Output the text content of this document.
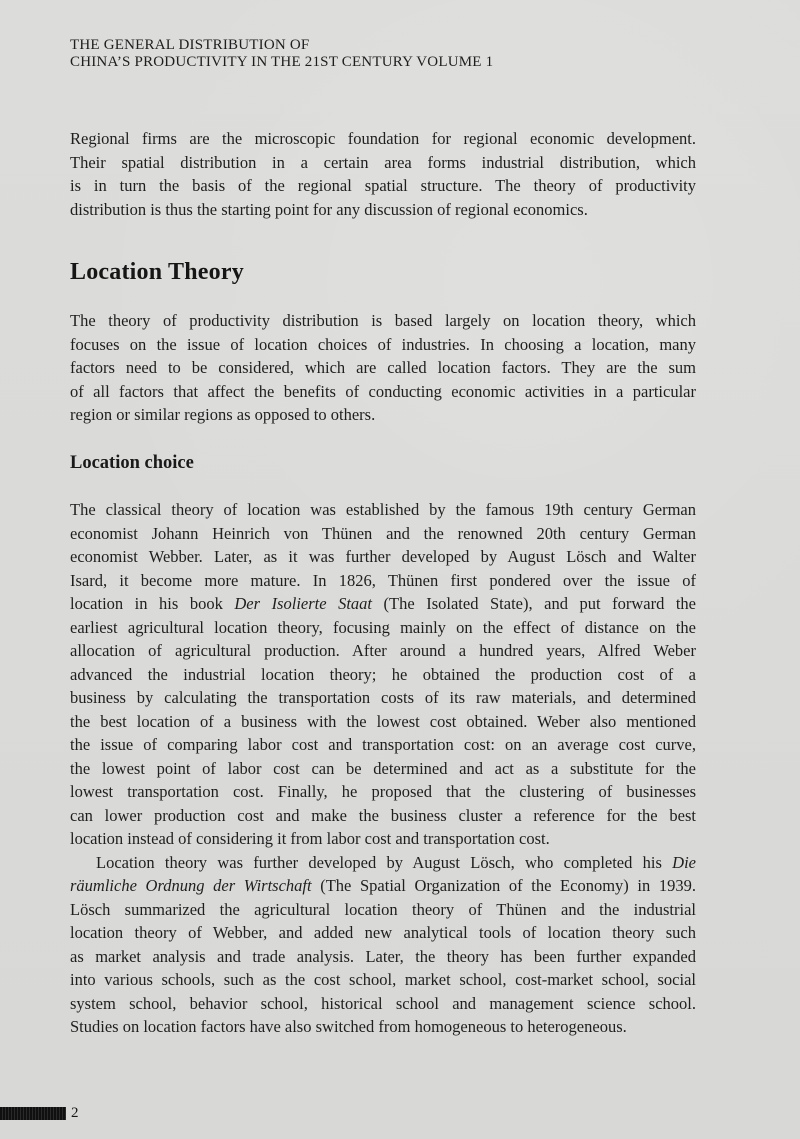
THE GENERAL DISTRIBUTION OF
CHINA’S PRODUCTIVITY IN THE 21ST CENTURY VOLUME 1
Regional firms are the microscopic foundation for regional economic development.
Their spatial distribution in a certain area forms industrial distribution, which
is in turn the basis of the regional spatial structure. The theory of productivity
distribution is thus the starting point for any discussion of regional economics.
Location Theory
The theory of productivity distribution is based largely on location theory, which
focuses on the issue of location choices of industries. In choosing a location, many
factors need to be considered, which are called location factors. They are the sum
of all factors that affect the benefits of conducting economic activities in a particular
region or similar regions as opposed to others.
Location choice
The classical theory of location was established by the famous 19th century German
economist Johann Heinrich von Thünen and the renowned 20th century German
economist Webber. Later, as it was further developed by August Lösch and Walter
Isard, it become more mature. In 1826, Thünen first pondered over the issue of
location in his book Der Isolierte Staat (The Isolated State), and put forward the
earliest agricultural location theory, focusing mainly on the effect of distance on the
allocation of agricultural production. After around a hundred years, Alfred Weber
advanced the industrial location theory; he obtained the production cost of a
business by calculating the transportation costs of its raw materials, and determined
the best location of a business with the lowest cost obtained. Weber also mentioned
the issue of comparing labor cost and transportation cost: on an average cost curve,
the lowest point of labor cost can be determined and act as a substitute for the
lowest transportation cost. Finally, he proposed that the clustering of businesses
can lower production cost and make the business cluster a reference for the best
location instead of considering it from labor cost and transportation cost.
Location theory was further developed by August Lösch, who completed his Die
räumliche Ordnung der Wirtschaft (The Spatial Organization of the Economy) in 1939.
Lösch summarized the agricultural location theory of Thünen and the industrial
location theory of Webber, and added new analytical tools of location theory such
as market analysis and trade analysis. Later, the theory has been further expanded
into various schools, such as the cost school, market school, cost-market school, social
system school, behavior school, historical school and management science school.
Studies on location factors have also switched from homogeneous to heterogeneous.
2
